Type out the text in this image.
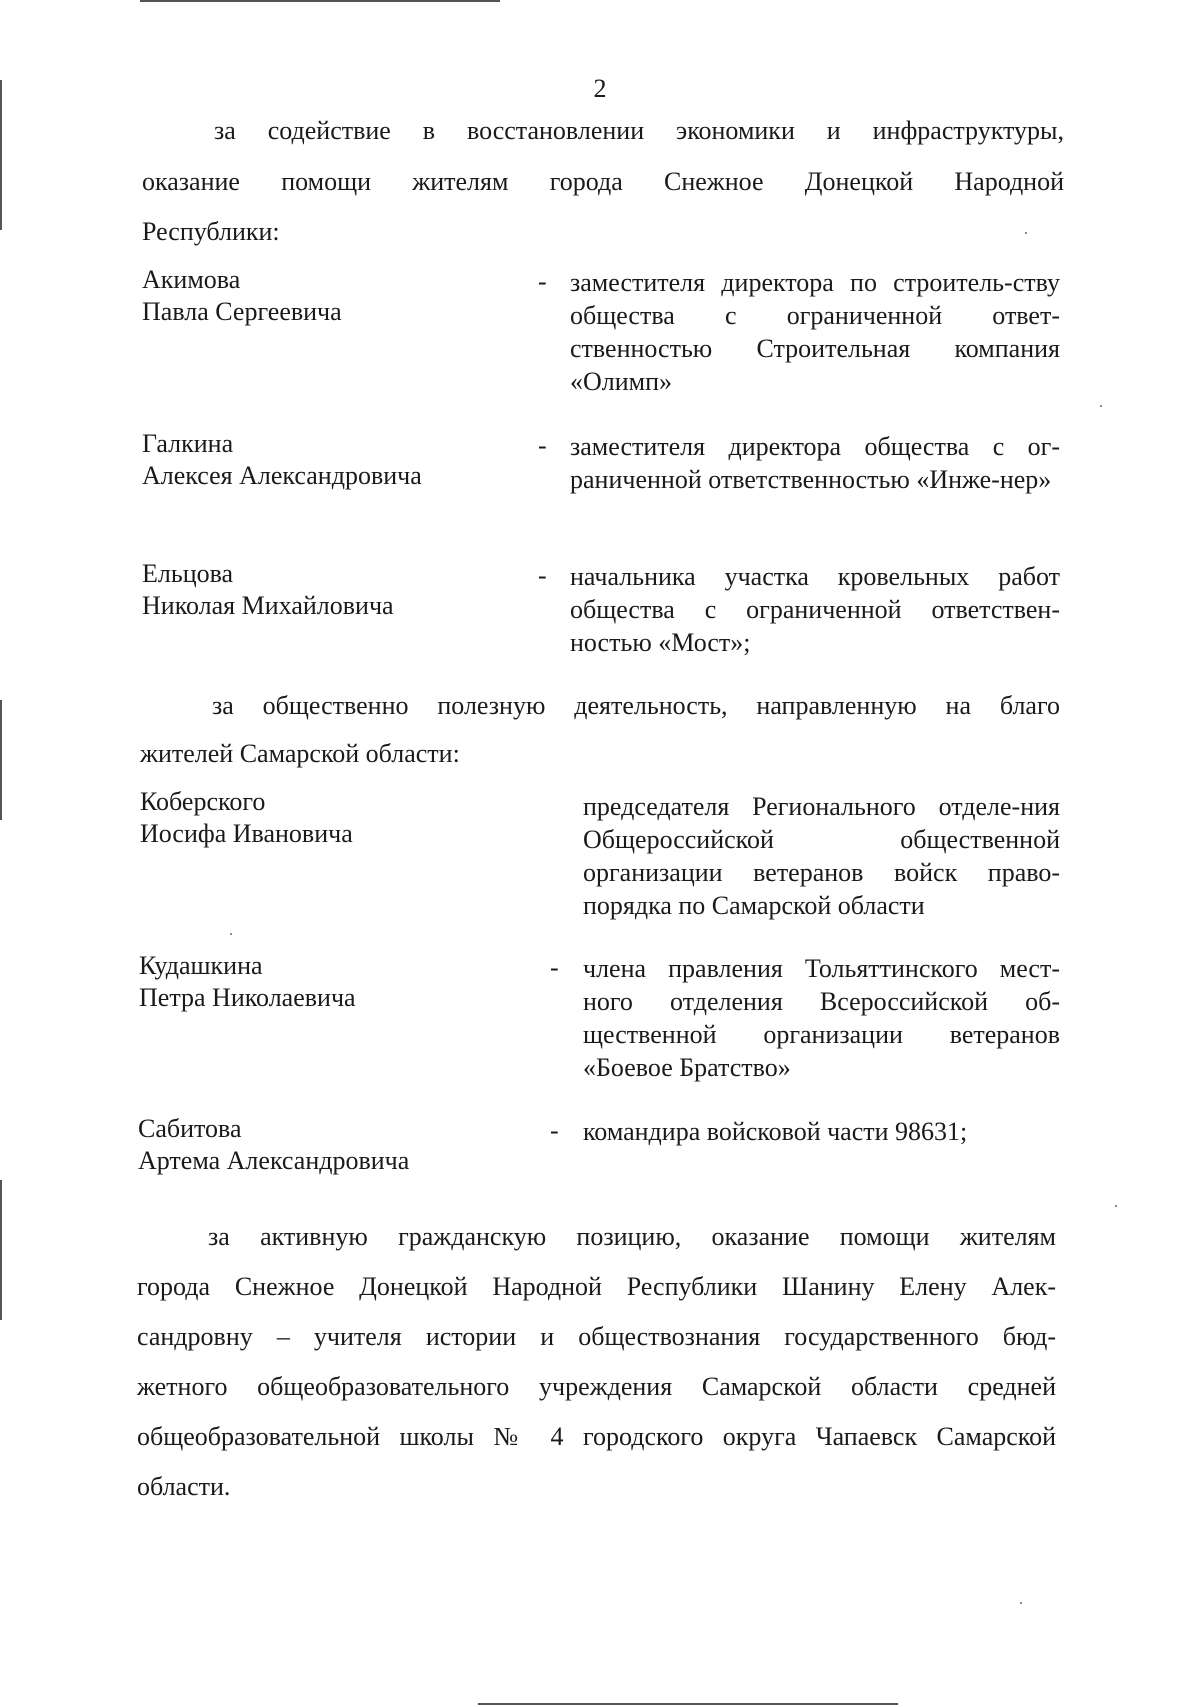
2
за содействие в восстановлении экономики и инфраструктуры,
оказание помощи жителям города Снежное Донецкой Народной
Республики:
Акимова
Павла Сергеевича
- заместителя директора по строитель-ству общества с ограниченной ответ-ственностью Строительная компания «Олимп»
Галкина
Алексея Александровича
- заместителя директора общества с ог-раниченной ответственностью «Инже-нер»
Ельцова
Николая Михайловича
- начальника участка кровельных работ общества с ограниченной ответствен-ностью «Мост»;
за общественно полезную деятельность, направленную на благо
жителей Самарской области:
Коберского
Иосифа Ивановича
председателя Регионального отделе-ния Общероссийской общественной организации ветеранов войск право-порядка по Самарской области
Кудашкина
Петра Николаевича
- члена правления Тольяттинского мест-ного отделения Всероссийской об-щественной организации ветеранов «Боевое Братство»
Сабитова
Артема Александровича
- командира войсковой части 98631;
за активную гражданскую позицию, оказание помощи жителям
города Снежное Донецкой Народной Республики Шанину Елену Алек-
сандровну – учителя истории и обществознания государственного бюд-
жетного общеобразовательного учреждения Самарской области средней
общеобразовательной школы № 4 городского округа Чапаевск Самарской
области.
